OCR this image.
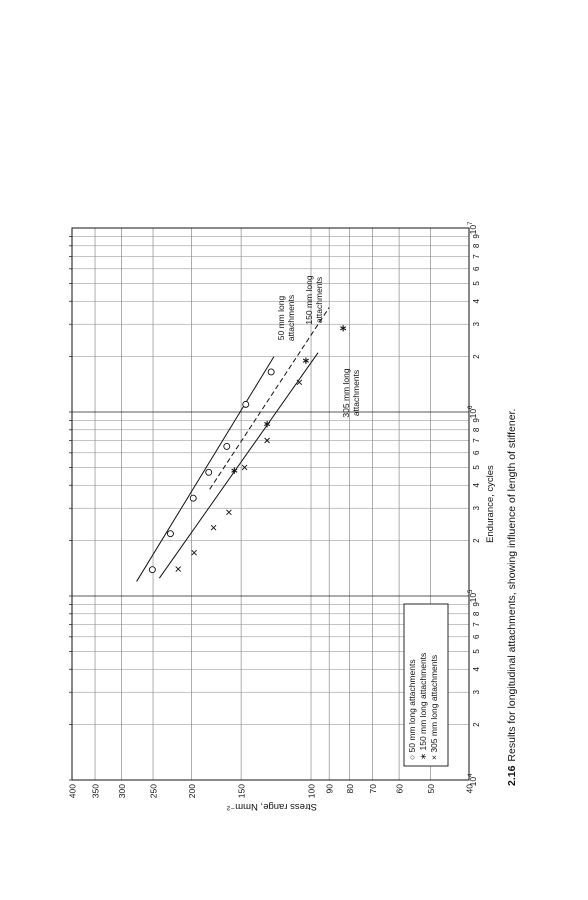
40
50
60
70
80
90
100
150
200
250
300
350
400
$10^4$
$10^5$
$10^6$
$10^7$
2
3
4
5
6
7
8
9
2
3
4
5
6
7
8
9
2
3
4
5
6
7
8
9
Stress range, Nmm⁻²
Endurance, cycles
50 mm long attachments 150 mm long attachments
305 mm long attachments
○ 50 mm long attachments
∗ 150 mm long attachments
× 305 mm long attachments
2.16Results for longitudinal attachments, showing influence of length of stiffener.
